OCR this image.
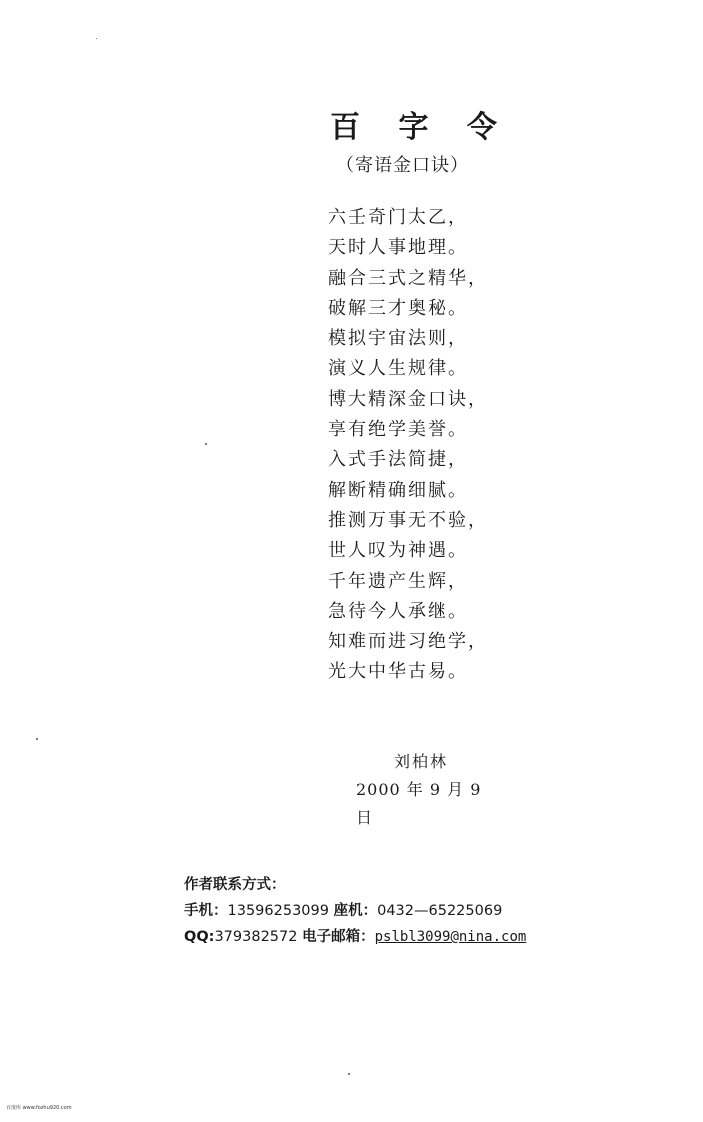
百 字 令
（寄语金口诀）
六壬奇门太乙，
天时人事地理。
融合三式之精华，
破解三才奥秘。
模拟宇宙法则，
演义人生规律。
博大精深金口诀，
享有绝学美誉。
入式手法简捷，
解断精确细腻。
推测万事无不验，
世人叹为神遇。
千年遗产生辉，
急待今人承继。
知难而进习绝学，
光大中华古易。
刘柏林
2000 年 9 月 9 日
作者联系方式：
手机：13596253099 座机：0432—65225069
QQ:379382572 电子邮箱：pslbl3099@nina.com
百度库 www.fozhu920.com
